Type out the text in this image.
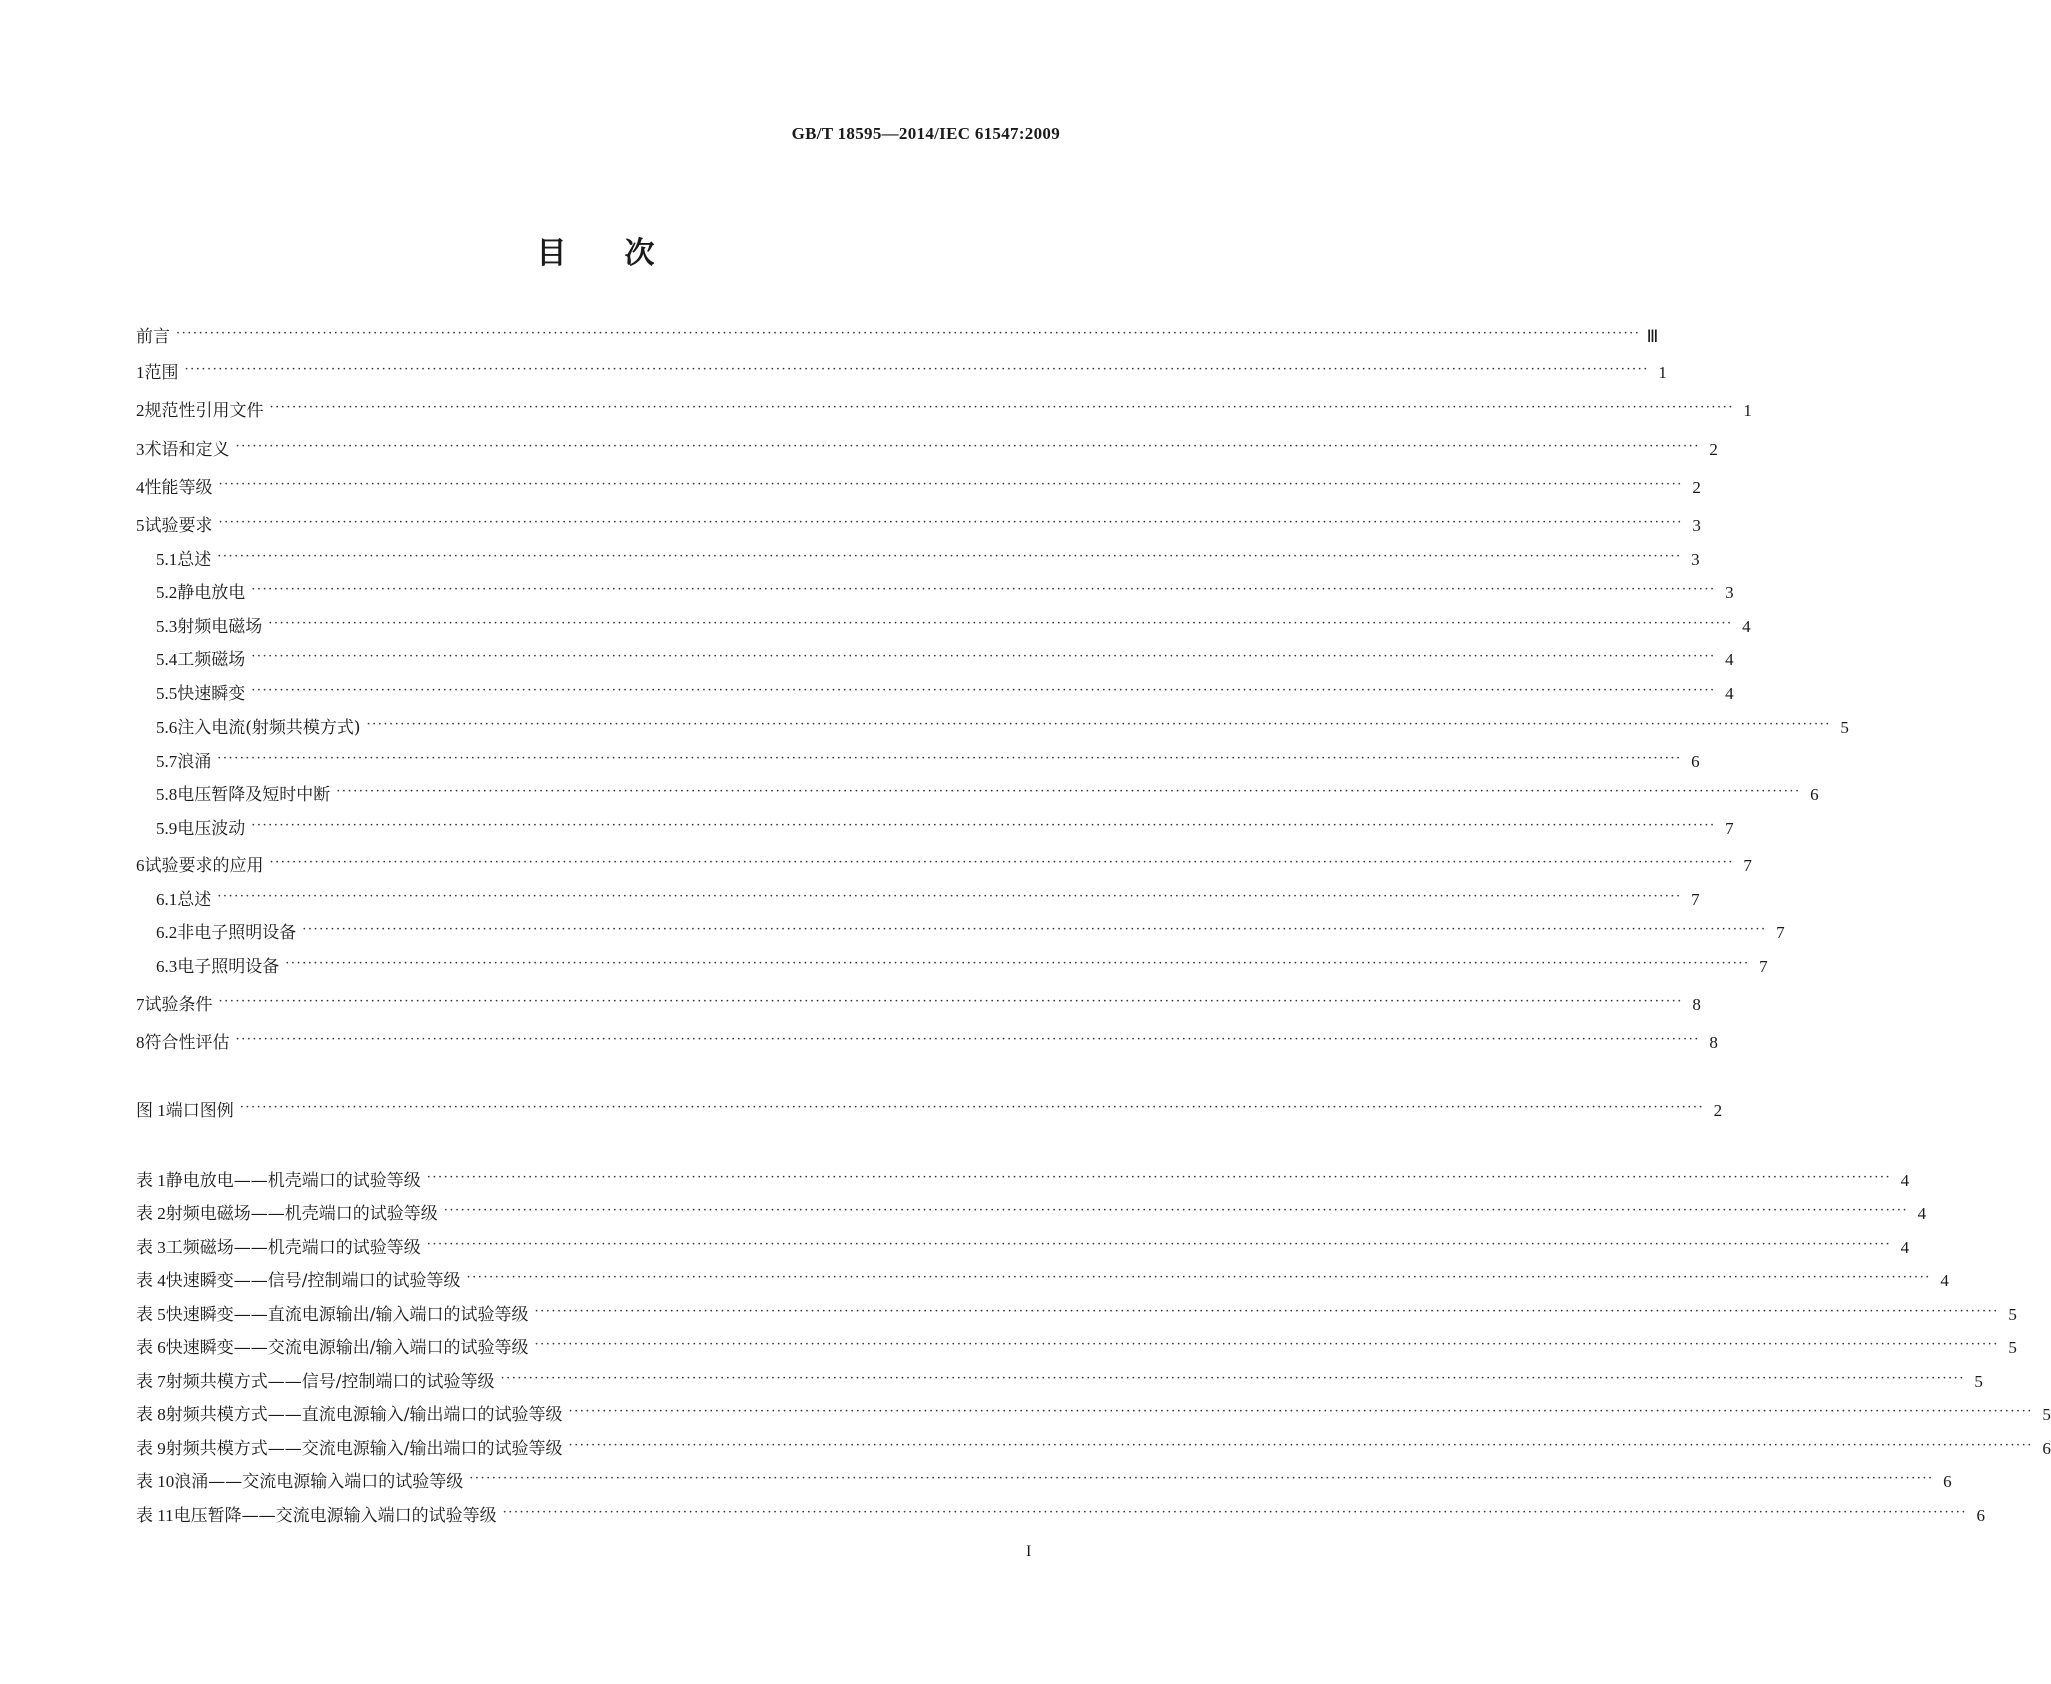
GB/T 18595—2014/IEC 61547:2009
目次
前言 ···································································································································································································································································· Ⅲ
1 范围 ···································································································································································································································································· 1
2 规范性引用文件 ···································································································································································································································································· 1
3 术语和定义 ···································································································································································································································································· 2
4 性能等级 ···································································································································································································································································· 2
5 试验要求 ···································································································································································································································································· 3
5.1 总述 ···································································································································································································································································· 3
5.2 静电放电 ···································································································································································································································································· 3
5.3 射频电磁场 ···································································································································································································································································· 4
5.4 工频磁场 ···································································································································································································································································· 4
5.5 快速瞬变 ···································································································································································································································································· 4
5.6 注入电流(射频共模方式) ···································································································································································································································································· 5
5.7 浪涌 ···································································································································································································································································· 6
5.8 电压暂降及短时中断 ···································································································································································································································································· 6
5.9 电压波动 ···································································································································································································································································· 7
6 试验要求的应用 ···································································································································································································································································· 7
6.1 总述 ···································································································································································································································································· 7
6.2 非电子照明设备 ···································································································································································································································································· 7
6.3 电子照明设备 ···································································································································································································································································· 7
7 试验条件 ···································································································································································································································································· 8
8 符合性评估 ···································································································································································································································································· 8
图 1 端口图例 ···································································································································································································································································· 2
表 1 静电放电——机壳端口的试验等级 ···································································································································································································································································· 4
表 2 射频电磁场——机壳端口的试验等级 ···································································································································································································································································· 4
表 3 工频磁场——机壳端口的试验等级 ···································································································································································································································································· 4
表 4 快速瞬变——信号/控制端口的试验等级 ···································································································································································································································································· 4
表 5 快速瞬变——直流电源输出/输入端口的试验等级 ···································································································································································································································································· 5
表 6 快速瞬变——交流电源输出/输入端口的试验等级 ···································································································································································································································································· 5
表 7 射频共模方式——信号/控制端口的试验等级 ···································································································································································································································································· 5
表 8 射频共模方式——直流电源输入/输出端口的试验等级 ···································································································································································································································································· 5
表 9 射频共模方式——交流电源输入/输出端口的试验等级 ···································································································································································································································································· 6
表 10 浪涌——交流电源输入端口的试验等级 ···································································································································································································································································· 6
表 11 电压暂降——交流电源输入端口的试验等级 ···································································································································································································································································· 6
I
